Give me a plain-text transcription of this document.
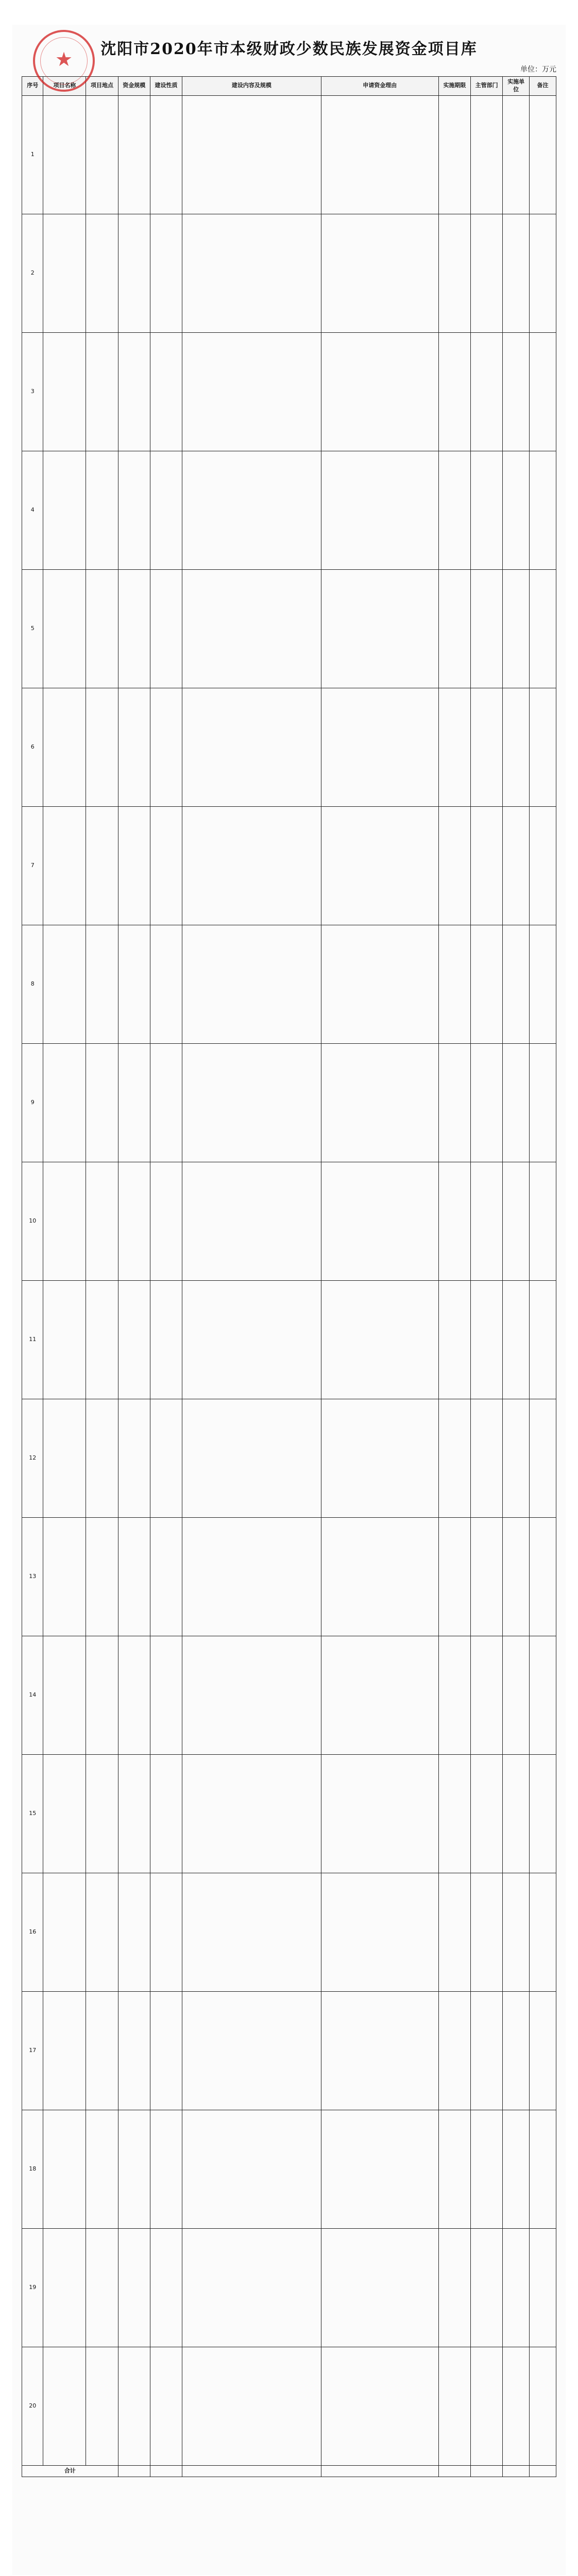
★	沈阳市2020年市本级财政少数民族发展资金项目库
单位：万元
序号	项目名称	项目地点	资金规模	建设性质	建设内容及规模	申请资金理由	实施期限	主管部门	实施单位	备注
1										
2										
3										
4										
5										
6										
7										
8										
9										
10										
11										
12										
13										
14										
15										
16										
17										
18										
19										
20										
合计										
